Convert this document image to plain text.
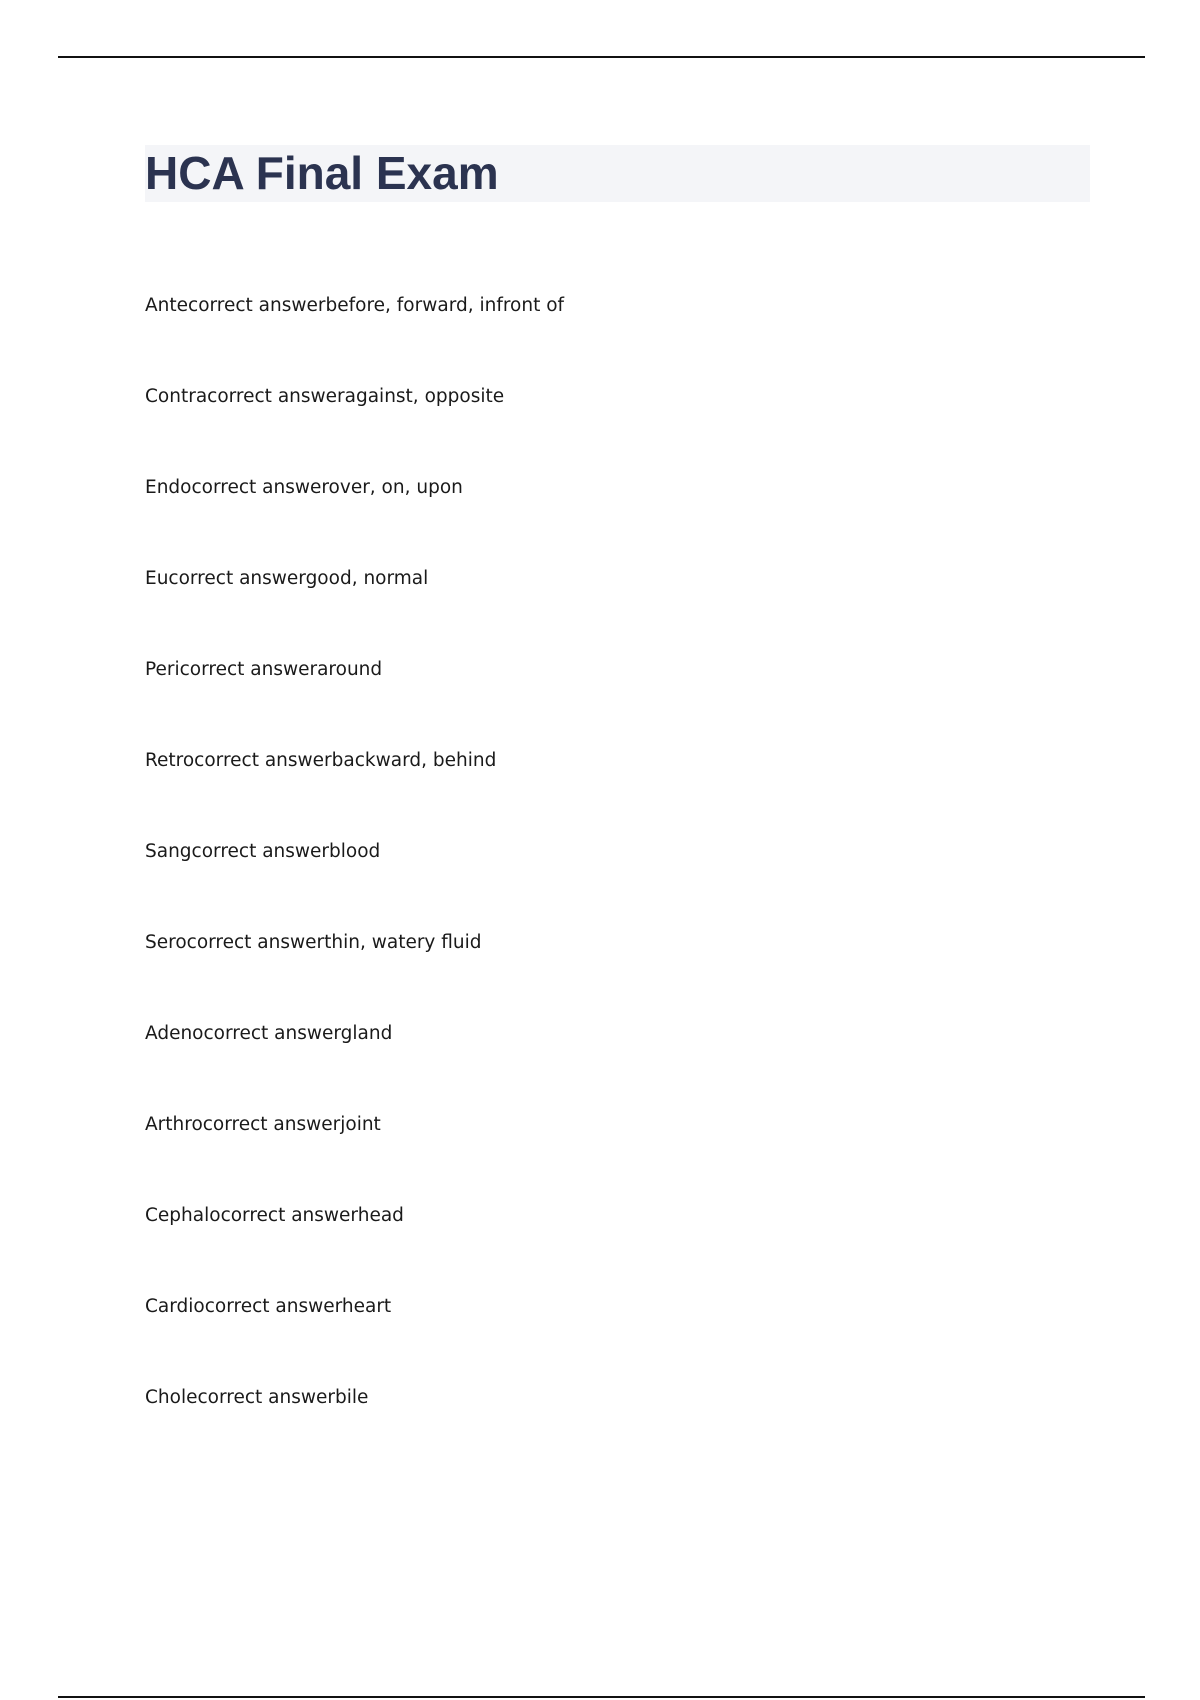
HCA Final Exam
Antecorrect answerbefore, forward, infront of
Contracorrect answeragainst, opposite
Endocorrect answerover, on, upon
Eucorrect answergood, normal
Pericorrect answeraround
Retrocorrect answerbackward, behind
Sangcorrect answerblood
Serocorrect answerthin, watery fluid
Adenocorrect answergland
Arthrocorrect answerjoint
Cephalocorrect answerhead
Cardiocorrect answerheart
Cholecorrect answerbile
